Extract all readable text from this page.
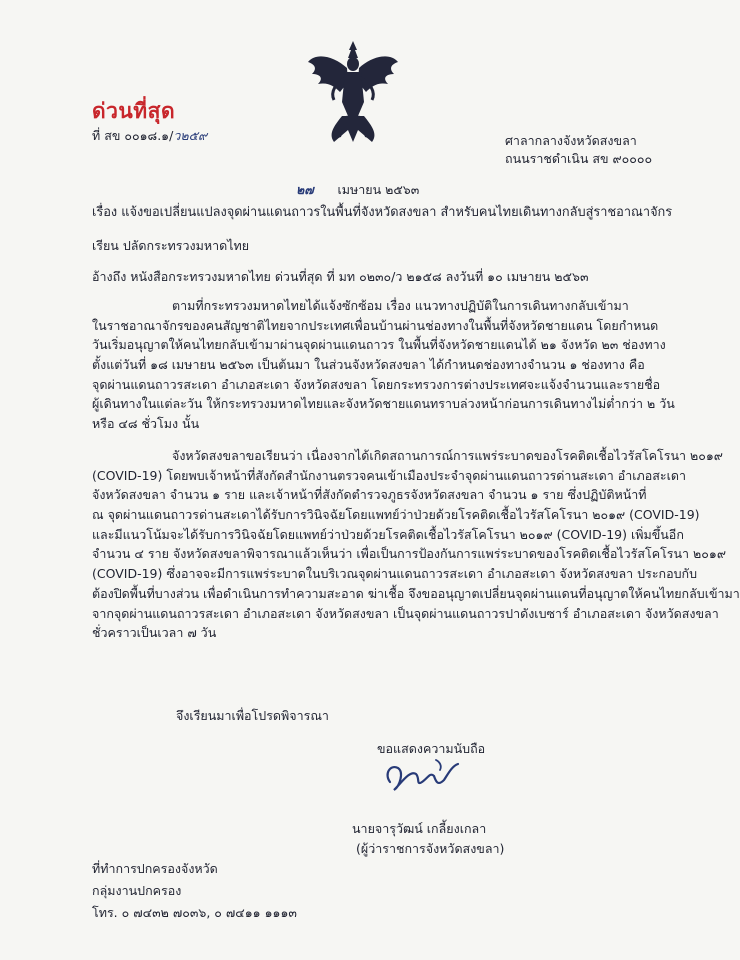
ด่วนที่สุด
ที่ สข ๐๐๑๘.๑/ว๒๕๙	ศาลากลางจังหวัดสงขลา
ถนนราชดำเนิน สข ๙๐๐๐๐
๒๗ เมษายน ๒๕๖๓
เรื่อง แจ้งขอเปลี่ยนแปลงจุดผ่านแดนถาวรในพื้นที่จังหวัดสงขลา สำหรับคนไทยเดินทางกลับสู่ราชอาณาจักร
เรียน ปลัดกระทรวงมหาดไทย
อ้างถึง หนังสือกระทรวงมหาดไทย ด่วนที่สุด ที่ มท ๐๒๓๐/ว ๒๑๕๘ ลงวันที่ ๑๐ เมษายน ๒๕๖๓
ตามที่กระทรวงมหาดไทยได้แจ้งซักซ้อม เรื่อง แนวทางปฏิบัติในการเดินทางกลับเข้ามา
ในราชอาณาจักรของคนสัญชาติไทยจากประเทศเพื่อนบ้านผ่านช่องทางในพื้นที่จังหวัดชายแดน โดยกำหนด
วันเริ่มอนุญาตให้คนไทยกลับเข้ามาผ่านจุดผ่านแดนถาวร ในพื้นที่จังหวัดชายแดนได้ ๒๑ จังหวัด ๒๓ ช่องทาง
ตั้งแต่วันที่ ๑๘ เมษายน ๒๕๖๓ เป็นต้นมา ในส่วนจังหวัดสงขลา ได้กำหนดช่องทางจำนวน ๑ ช่องทาง คือ
จุดผ่านแดนถาวรสะเดา อำเภอสะเดา จังหวัดสงขลา โดยกระทรวงการต่างประเทศจะแจ้งจำนวนและรายชื่อ
ผู้เดินทางในแต่ละวัน ให้กระทรวงมหาดไทยและจังหวัดชายแดนทราบล่วงหน้าก่อนการเดินทางไม่ต่ำกว่า ๒ วัน
หรือ ๔๘ ชั่วโมง นั้น
จังหวัดสงขลาขอเรียนว่า เนื่องจากได้เกิดสถานการณ์การแพร่ระบาดของโรคติดเชื้อไวรัสโคโรนา ๒๐๑๙
(COVID-19) โดยพบเจ้าหน้าที่สังกัดสำนักงานตรวจคนเข้าเมืองประจำจุดผ่านแดนถาวรด่านสะเดา อำเภอสะเดา
จังหวัดสงขลา จำนวน ๑ ราย และเจ้าหน้าที่สังกัดตำรวจภูธรจังหวัดสงขลา จำนวน ๑ ราย ซึ่งปฏิบัติหน้าที่
ณ จุดผ่านแดนถาวรด่านสะเดาได้รับการวินิจฉัยโดยแพทย์ว่าป่วยด้วยโรคติดเชื้อไวรัสโคโรนา ๒๐๑๙ (COVID-19)
และมีแนวโน้มจะได้รับการวินิจฉัยโดยแพทย์ว่าป่วยด้วยโรคติดเชื้อไวรัสโคโรนา ๒๐๑๙ (COVID-19) เพิ่มขึ้นอีก
จำนวน ๔ ราย จังหวัดสงขลาพิจารณาแล้วเห็นว่า เพื่อเป็นการป้องกันการแพร่ระบาดของโรคติดเชื้อไวรัสโคโรนา ๒๐๑๙
(COVID-19) ซึ่งอาจจะมีการแพร่ระบาดในบริเวณจุดผ่านแดนถาวรสะเดา อำเภอสะเดา จังหวัดสงขลา ประกอบกับ
ต้องปิดพื้นที่บางส่วน เพื่อดำเนินการทำความสะอาด ฆ่าเชื้อ จึงขออนุญาตเปลี่ยนจุดผ่านแดนที่อนุญาตให้คนไทยกลับเข้ามา
จากจุดผ่านแดนถาวรสะเดา อำเภอสะเดา จังหวัดสงขลา เป็นจุดผ่านแดนถาวรปาดังเบซาร์ อำเภอสะเดา จังหวัดสงขลา
ชั่วคราวเป็นเวลา ๗ วัน
จึงเรียนมาเพื่อโปรดพิจารณา
ขอแสดงความนับถือ
นายจารุวัฒน์ เกลี้ยงเกลา
(ผู้ว่าราชการจังหวัดสงขลา)
ที่ทำการปกครองจังหวัด
กลุ่มงานปกครอง
โทร. ๐ ๗๔๓๒ ๗๐๓๖, ๐ ๗๔๑๑ ๑๑๑๓
